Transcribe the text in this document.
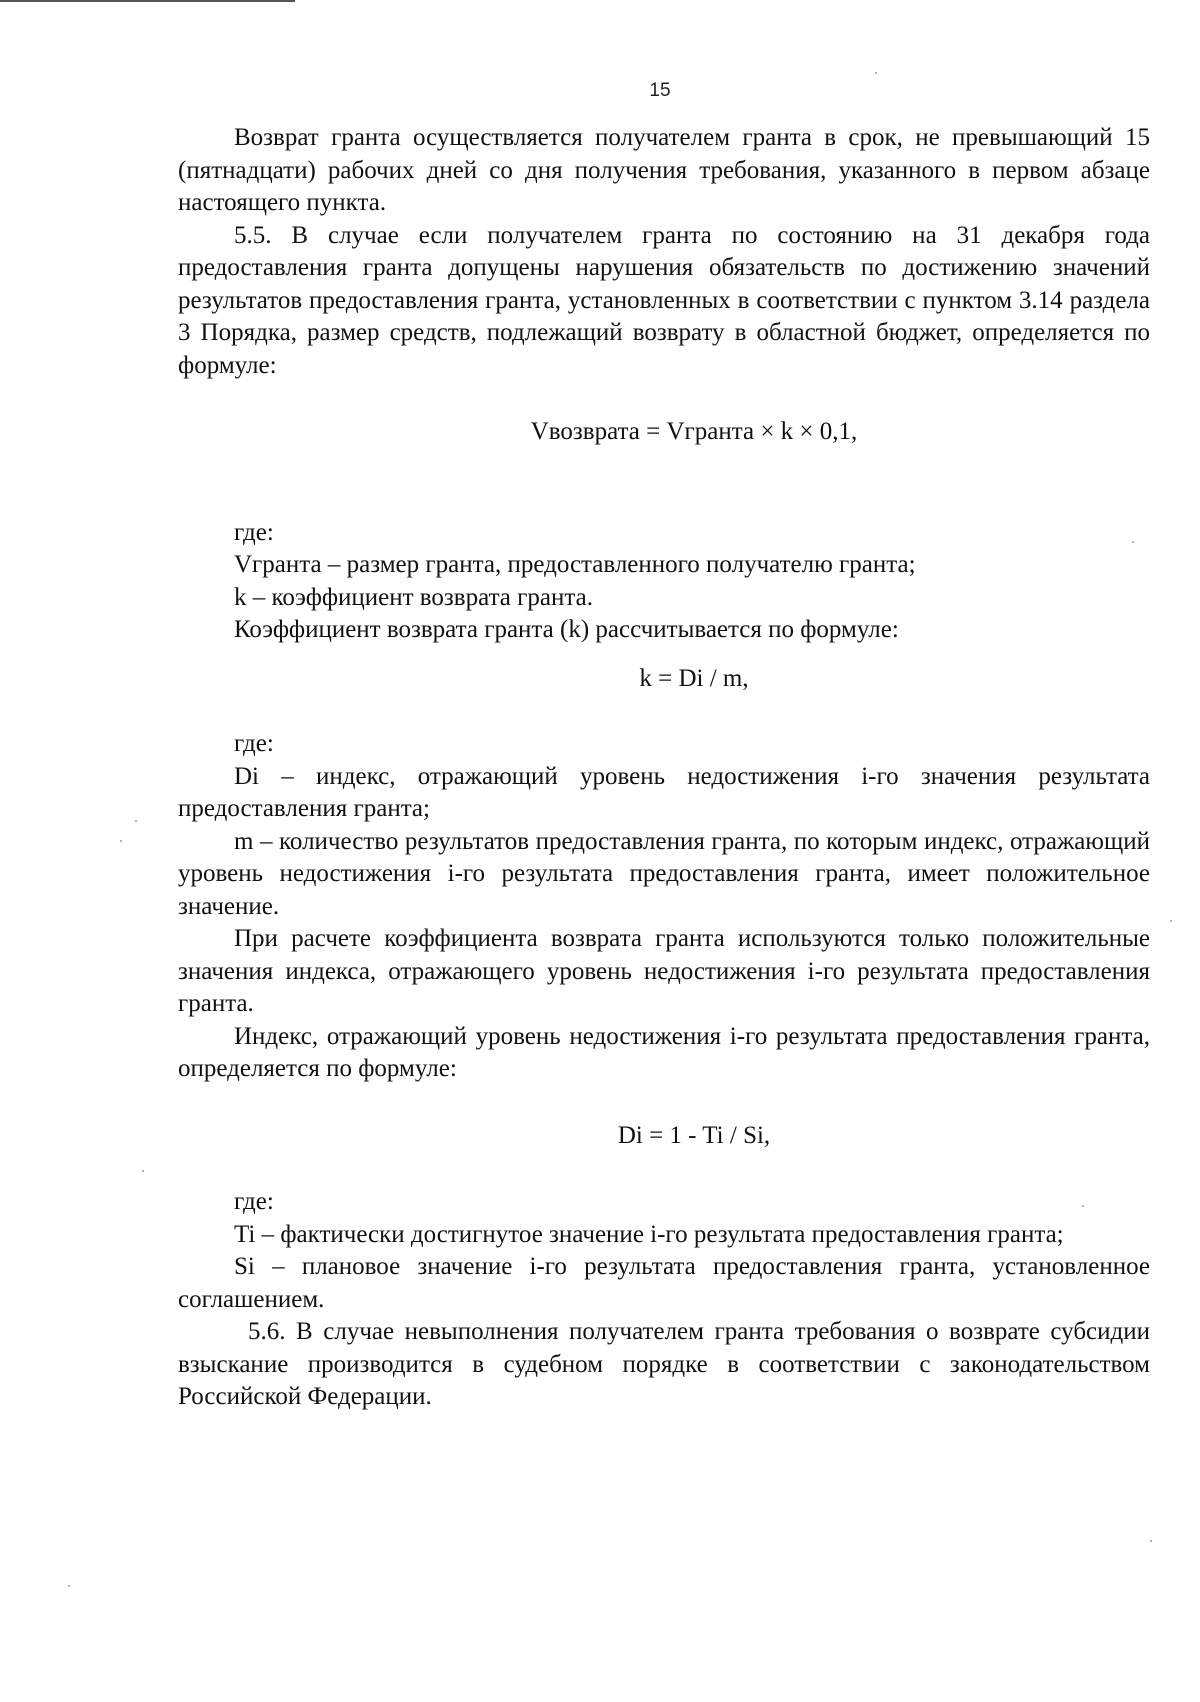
15

Возврат гранта осуществляется получателем гранта в срок, не превышающий 15 (пятнадцати) рабочих дней со дня получения требования, указанного в первом абзаце настоящего пункта.

5.5. В случае если получателем гранта по состоянию на 31 декабря года предоставления гранта допущены нарушения обязательств по достижению значений результатов предоставления гранта, установленных в соответствии с пунктом 3.14 раздела 3 Порядка, размер средств, подлежащий возврату в областной бюджет, определяется по формуле:

Vвозврата = Vгранта × k × 0,1,

где:

Vгранта – размер гранта, предоставленного получателю гранта;

k – коэффициент возврата гранта.

Коэффициент возврата гранта (k) рассчитывается по формуле:

k = Di / m,

где:

Di – индекс, отражающий уровень недостижения i-го значения результата предоставления гранта;

m – количество результатов предоставления гранта, по которым индекс, отражающий уровень недостижения i-го результата предоставления гранта, имеет положительное значение.

При расчете коэффициента возврата гранта используются только положительные значения индекса, отражающего уровень недостижения i-го результата предоставления гранта.

Индекс, отражающий уровень недостижения i-го результата предоставления гранта, определяется по формуле:

Di = 1 - Ti / Si,

где:

Ti – фактически достигнутое значение i-го результата предоставления гранта;

Si – плановое значение i-го результата предоставления гранта, установленное соглашением.

5.6. В случае невыполнения получателем гранта требования о возврате субсидии взыскание производится в судебном порядке в соответствии с законодательством Российской Федерации.
